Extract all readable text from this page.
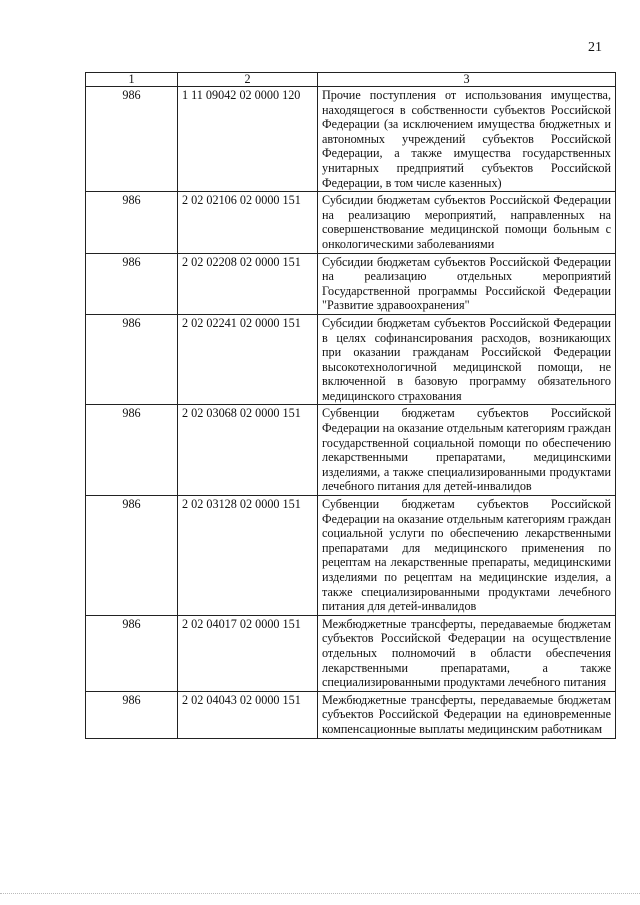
21
1	2	3
986	1 11 09042 02 0000 120	Прочие поступления от использования имущества, находящегося в собственности субъектов Российской Федерации (за исключением имущества бюджетных и автономных учреждений субъектов Российской Федерации, а также имущества государственных унитарных предприятий субъектов Российской Федерации, в том числе казенных)
986	2 02 02106 02 0000 151	Субсидии бюджетам субъектов Российской Федерации на реализацию мероприятий, направленных на совершенствование медицинской помощи больным с онкологическими заболеваниями
986	2 02 02208 02 0000 151	Субсидии бюджетам субъектов Российской Федерации на реализацию отдельных мероприятий Государственной программы Российской Федерации "Развитие здравоохранения"
986	2 02 02241 02 0000 151	Субсидии бюджетам субъектов Российской Федерации в целях софинансирования расходов, возникающих при оказании гражданам Российской Федерации высокотехнологичной медицинской помощи, не включенной в базовую программу обязательного медицинского страхования
986	2 02 03068 02 0000 151	Субвенции бюджетам субъектов Российской Федерации на оказание отдельным категориям граждан государственной социальной помощи по обеспечению лекарственными препаратами, медицинскими изделиями, а также специализированными продуктами лечебного питания для детей-инвалидов
986	2 02 03128 02 0000 151	Субвенции бюджетам субъектов Российской Федерации на оказание отдельным категориям граждан социальной услуги по обеспечению лекарственными препаратами для медицинского применения по рецептам на лекарственные препараты, медицинскими изделиями по рецептам на медицинские изделия, а также специализированными продуктами лечебного питания для детей-инвалидов
986	2 02 04017 02 0000 151	Межбюджетные трансферты, передаваемые бюджетам субъектов Российской Федерации на осуществление отдельных полномочий в области обеспечения лекарственными препаратами, а также специализированными продуктами лечебного питания
986	2 02 04043 02 0000 151	Межбюджетные трансферты, передаваемые бюджетам субъектов Российской Федерации на единовременные компенсационные выплаты медицинским работникам
